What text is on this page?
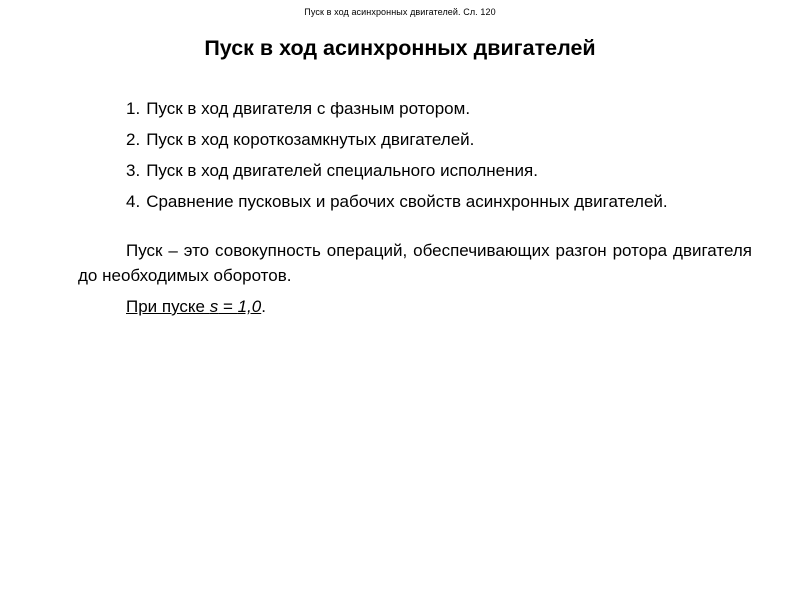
Пуск в ход асинхронных двигателей. Сл. 120
Пуск в ход асинхронных двигателей
1. Пуск в ход двигателя с фазным ротором.
2. Пуск в ход короткозамкнутых двигателей.
3. Пуск в ход двигателей специального исполнения.
4. Сравнение пусковых и рабочих свойств асинхронных двигателей.

Пуск – это совокупность операций, обеспечивающих разгон ротора двигателя до необходимых оборотов.

При пуске s = 1,0.
